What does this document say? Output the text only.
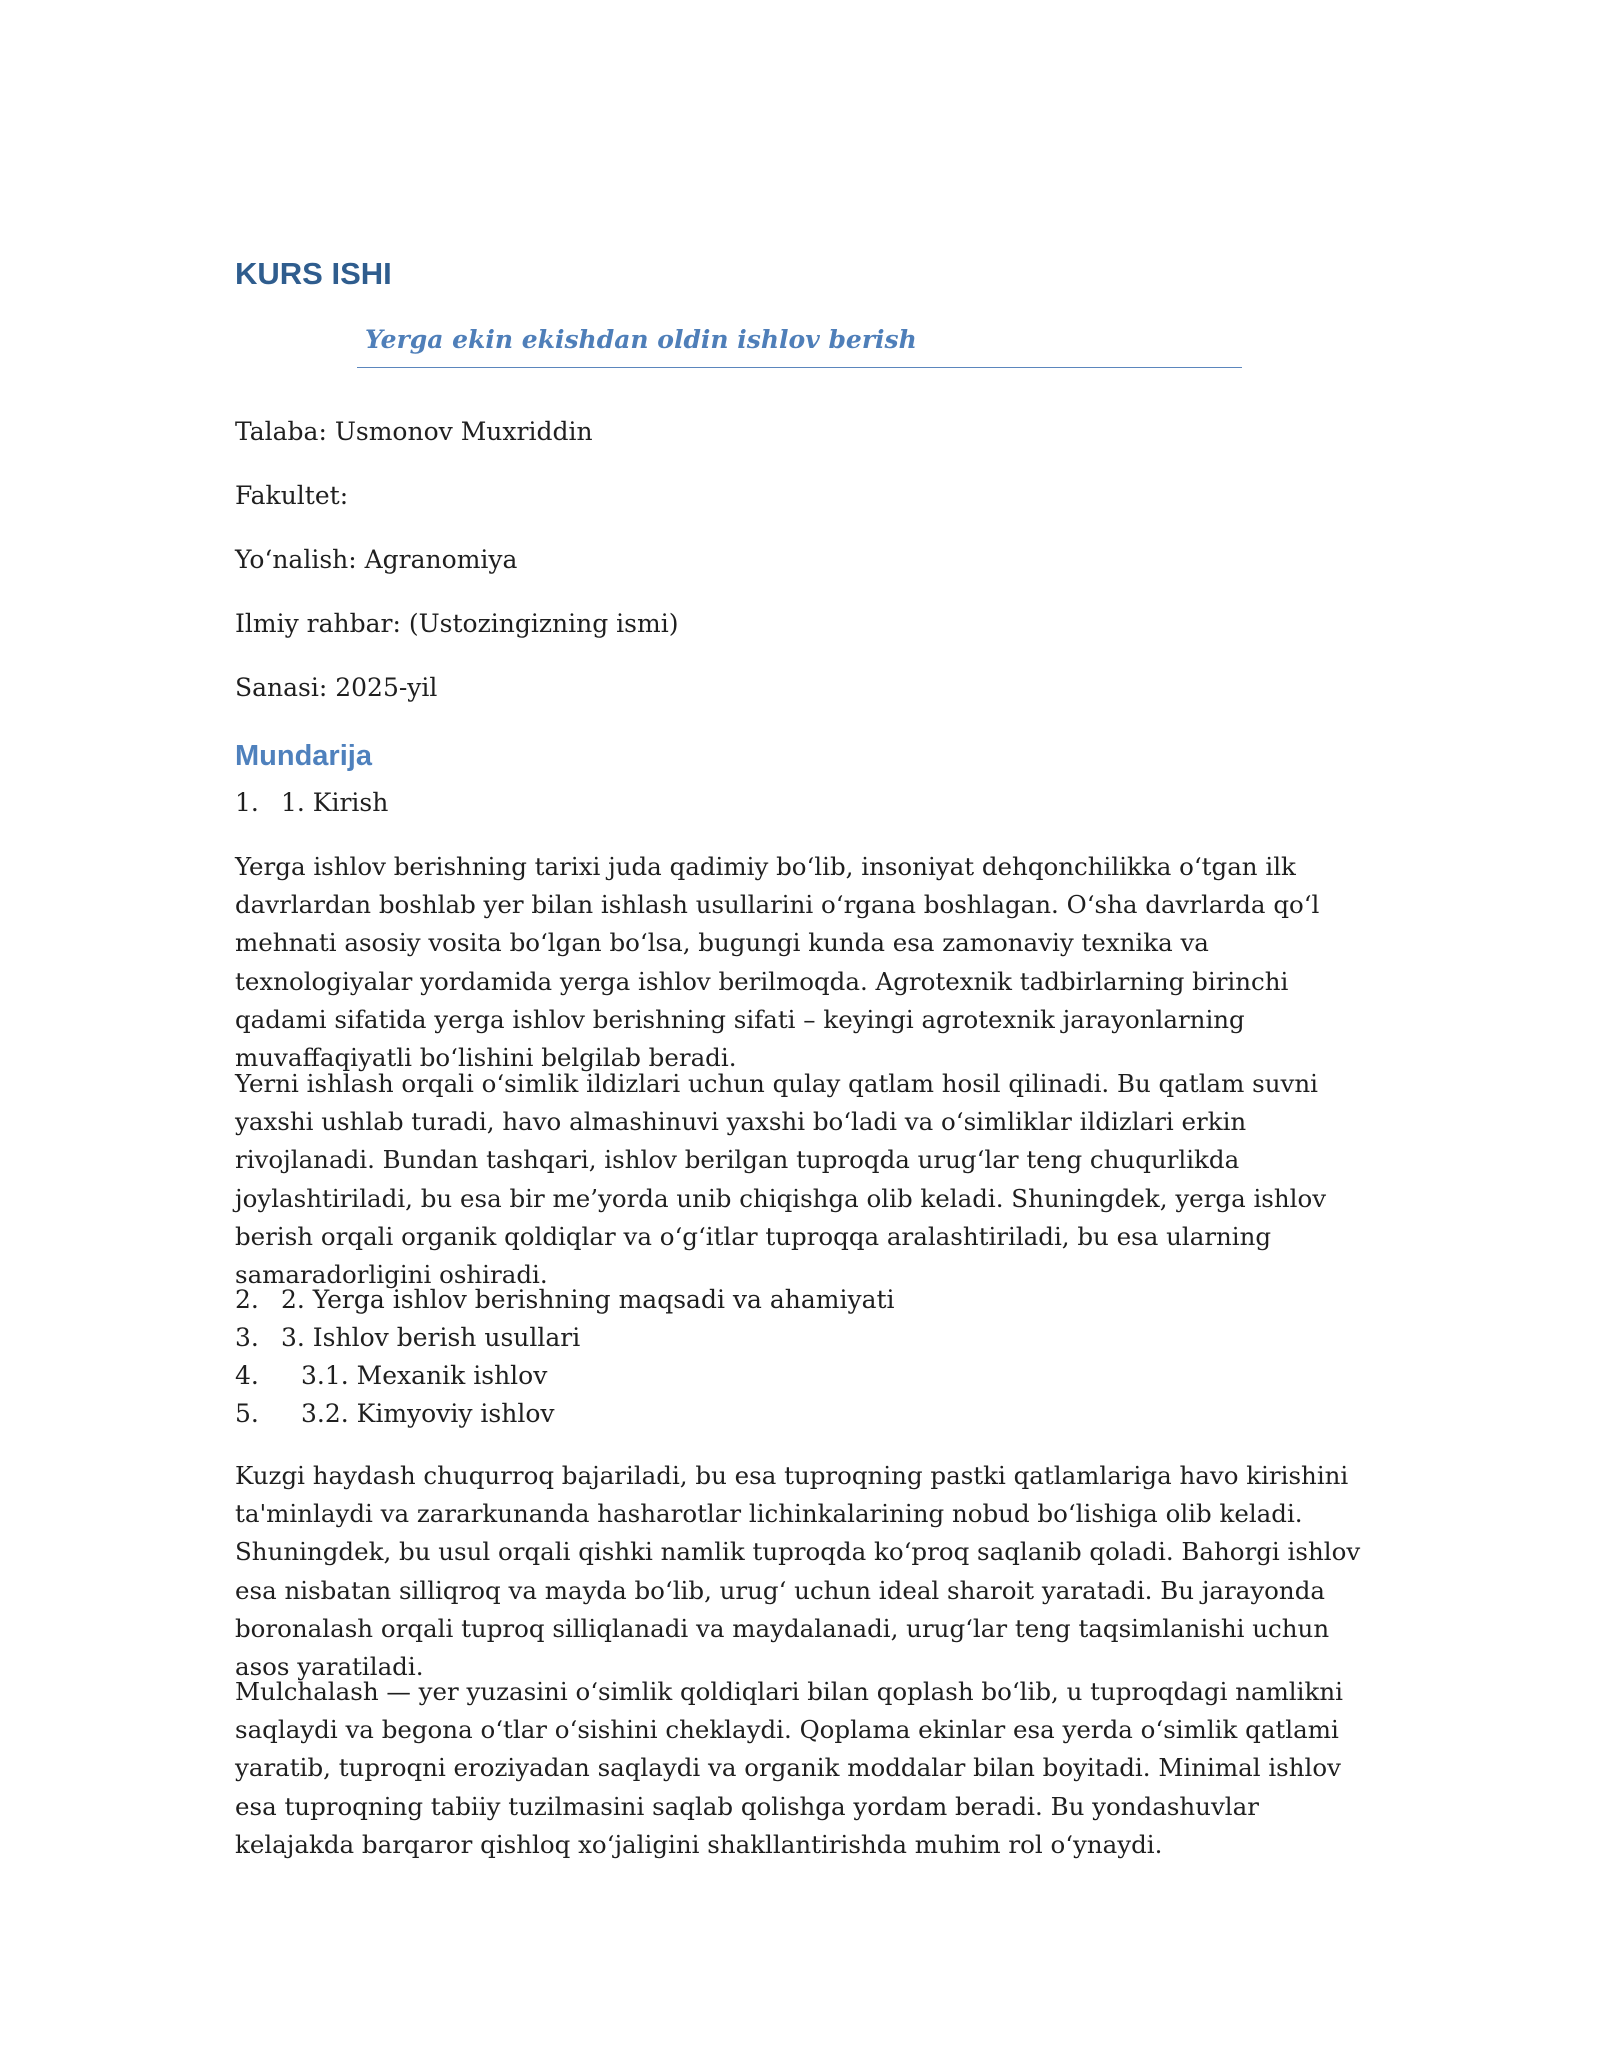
KURS ISHI

Yerga ekin ekishdan oldin ishlov berish

Talaba: Usmonov Muxriddin

Fakultet:

Yo‘nalish: Agranomiya

Ilmiy rahbar: (Ustozingizning ismi)

Sanasi: 2025-yil

Mundarija
1. 1. Kirish

Yerga ishlov berishning tarixi juda qadimiy bo‘lib, insoniyat dehqonchilikka o‘tgan ilk davrlardan boshlab yer bilan ishlash usullarini o‘rgana boshlagan. O‘sha davrlarda qo‘l mehnati asosiy vosita bo‘lgan bo‘lsa, bugungi kunda esa zamonaviy texnika va texnologiyalar yordamida yerga ishlov berilmoqda. Agrotexnik tadbirlarning birinchi qadami sifatida yerga ishlov berishning sifati – keyingi agrotexnik jarayonlarning muvaffaqiyatli bo‘lishini belgilab beradi.

Yerni ishlash orqali o‘simlik ildizlari uchun qulay qatlam hosil qilinadi. Bu qatlam suvni yaxshi ushlab turadi, havo almashinuvi yaxshi bo‘ladi va o‘simliklar ildizlari erkin rivojlanadi. Bundan tashqari, ishlov berilgan tuproqda urug‘lar teng chuqurlikda joylashtiriladi, bu esa bir me’yorda unib chiqishga olib keladi. Shuningdek, yerga ishlov berish orqali organik qoldiqlar va o‘g‘itlar tuproqqa aralashtiriladi, bu esa ularning samaradorligini oshiradi.

2. 2. Yerga ishlov berishning maqsadi va ahamiyati
3. 3. Ishlov berish usullari
4.	3.1. Mexanik ishlov
5.	3.2. Kimyoviy ishlov

Kuzgi haydash chuqurroq bajariladi, bu esa tuproqning pastki qatlamlariga havo kirishini ta'minlaydi va zararkunanda hasharotlar lichinkalarining nobud bo‘lishiga olib keladi. Shuningdek, bu usul orqali qishki namlik tuproqda ko‘proq saqlanib qoladi. Bahorgi ishlov esa nisbatan silliqroq va mayda bo‘lib, urug‘ uchun ideal sharoit yaratadi. Bu jarayonda boronalash orqali tuproq silliqlanadi va maydalanadi, urug‘lar teng taqsimlanishi uchun asos yaratiladi.

Mulchalash — yer yuzasini o‘simlik qoldiqlari bilan qoplash bo‘lib, u tuproqdagi namlikni saqlaydi va begona o‘tlar o‘sishini cheklaydi. Qoplama ekinlar esa yerda o‘simlik qatlami yaratib, tuproqni eroziyadan saqlaydi va organik moddalar bilan boyitadi. Minimal ishlov esa tuproqning tabiiy tuzilmasini saqlab qolishga yordam beradi. Bu yondashuvlar kelajakda barqaror qishloq xo‘jaligini shakllantirishda muhim rol o‘ynaydi.
